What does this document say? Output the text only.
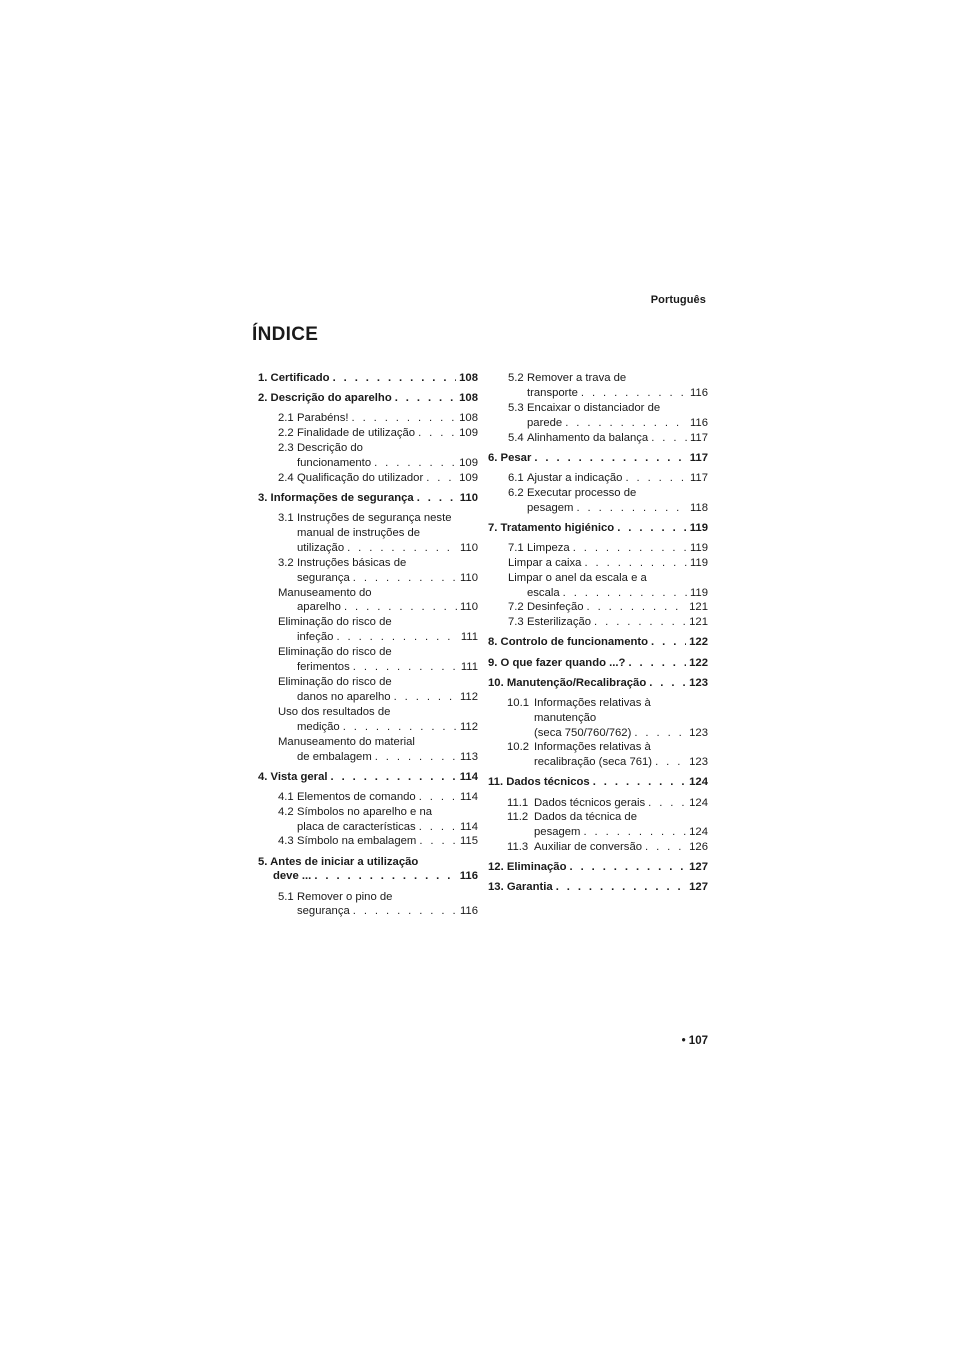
Português
ÍNDICE
1. Certificado . . .	108
2. Descrição do aparelho . . .	108
2.1 Parabéns! . . .	108
2.2 Finalidade de utilização . . .	109
2.3 Descrição do
funcionamento . . .	109
2.4 Qualificação do utilizador . . .	109
3. Informações de segurança . . .	110
3.1 Instruções de segurança neste
manual de instruções de
utilização . . .	110
3.2 Instruções básicas de
segurança . . .	110
Manuseamento do
aparelho . . .	110
Eliminação do risco de
infeção . . .	111
Eliminação do risco de
ferimentos . . .	111
Eliminação do risco de
danos no aparelho . . .	112
Uso dos resultados de
medição . . .	112
Manuseamento do material
de embalagem . . .	113
4. Vista geral . . .	114
4.1 Elementos de comando . . .	114
4.2 Símbolos no aparelho e na
placa de características . . .	114
4.3 Símbolo na embalagem . . .	115
5. Antes de iniciar a utilização
deve ... . . .	116
5.1 Remover o pino de
segurança . . .	116
5.2 Remover a trava de
transporte . . .	116
5.3 Encaixar o distanciador de
parede . . .	116
5.4 Alinhamento da balança . . .	117
6. Pesar . . .	117
6.1 Ajustar a indicação . . .	117
6.2 Executar processo de
pesagem . . .	118
7. Tratamento higiénico . . .	119
7.1 Limpeza . . .	119
Limpar a caixa . . .	119
Limpar o anel da escala e a
escala . . .	119
7.2 Desinfeção . . .	121
7.3 Esterilização . . .	121
8. Controlo de funcionamento . . .	122
9. O que fazer quando ...? . . .	122
10. Manutenção/Recalibração . . .	123
10.1 Informações relativas à
manutenção
(seca 750/760/762) . . .	123
10.2 Informações relativas à
recalibração (seca 761) . . .	123
11. Dados técnicos . . .	124
11.1 Dados técnicos gerais . . .	124
11.2 Dados da técnica de
pesagem . . .	124
11.3 Auxiliar de conversão . . .	126
12. Eliminação . . .	127
13. Garantia . . .	127
• 107
